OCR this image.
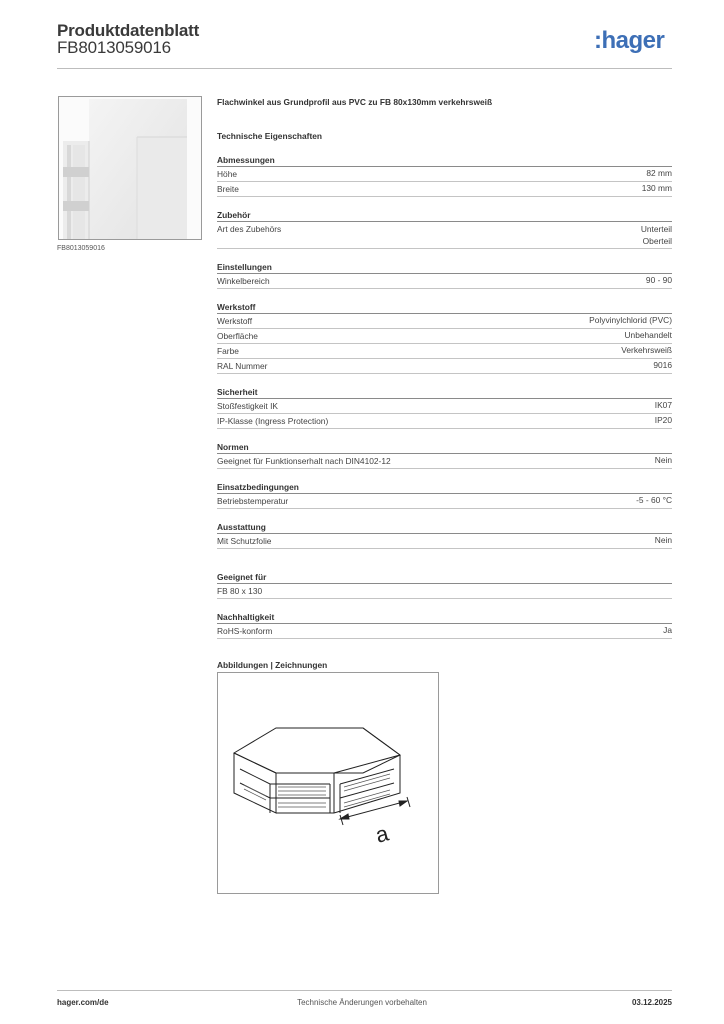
Produktdatenblatt
FB8013059016	:hager
FB8013059016
Flachwinkel aus Grundprofil aus PVC zu FB 80x130mm verkehrsweiß
Technische Eigenschaften
Abmessungen
Höhe	82 mm
Breite	130 mm
Zubehör
Art des Zubehörs	Unterteil
Oberteil
Einstellungen
Winkelbereich	90 - 90
Werkstoff
Werkstoff	Polyvinylchlorid (PVC)
Oberfläche	Unbehandelt
Farbe	Verkehrsweiß
RAL Nummer	9016
Sicherheit
Stoßfestigkeit IK	IK07
IP-Klasse (Ingress Protection)	IP20
Normen
Geeignet für Funktionserhalt nach DIN4102-12	Nein
Einsatzbedingungen
Betriebstemperatur	-5 - 60 °C
Ausstattung
Mit Schutzfolie	Nein
Geeignet für
FB 80 x 130
Nachhaltigkeit
RoHS-konform	Ja
Abbildungen | Zeichnungen
a
hager.com/de	Technische Änderungen vorbehalten	03.12.2025
